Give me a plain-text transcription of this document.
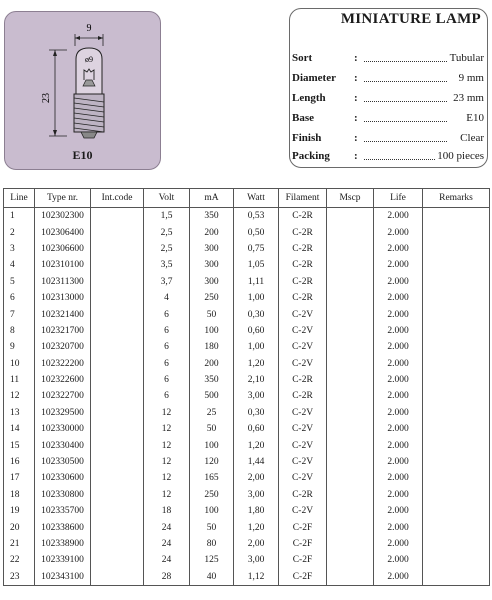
9
23
ø9
E10
MINIATURE LAMP
Sort	:	Tubular
Diameter :	9 mm
Length	:	23 mm
Base	:	E10
Finish	:	Clear
Packing :	100 pieces
Line	Type nr.	Int.code	Volt	mA	Watt	Filament	Mscp	Life	Remarks
1	102302300		1,5	350	0,53	C-2R		2.000	
2	102306400		2,5	200	0,50	C-2R		2.000	
3	102306600		2,5	300	0,75	C-2R		2.000	
4	102310100		3,5	300	1,05	C-2R		2.000	
5	102311300		3,7	300	1,11	C-2R		2.000	
6	102313000		4	250	1,00	C-2R		2.000	
7	102321400		6	50	0,30	C-2V		2.000	
8	102321700		6	100	0,60	C-2V		2.000	
9	102320700		6	180	1,00	C-2V		2.000	
10	102322200		6	200	1,20	C-2V		2.000	
11	102322600		6	350	2,10	C-2R		2.000	
12	102322700		6	500	3,00	C-2R		2.000	
13	102329500		12	25	0,30	C-2V		2.000	
14	102330000		12	50	0,60	C-2V		2.000	
15	102330400		12	100	1,20	C-2V		2.000	
16	102330500		12	120	1,44	C-2V		2.000	
17	102330600		12	165	2,00	C-2V		2.000	
18	102330800		12	250	3,00	C-2R		2.000	
19	102335700		18	100	1,80	C-2V		2.000	
20	102338600		24	50	1,20	C-2F		2.000	
21	102338900		24	80	2,00	C-2F		2.000	
22	102339100		24	125	3,00	C-2F		2.000	
23	102343100		28	40	1,12	C-2F		2.000	
